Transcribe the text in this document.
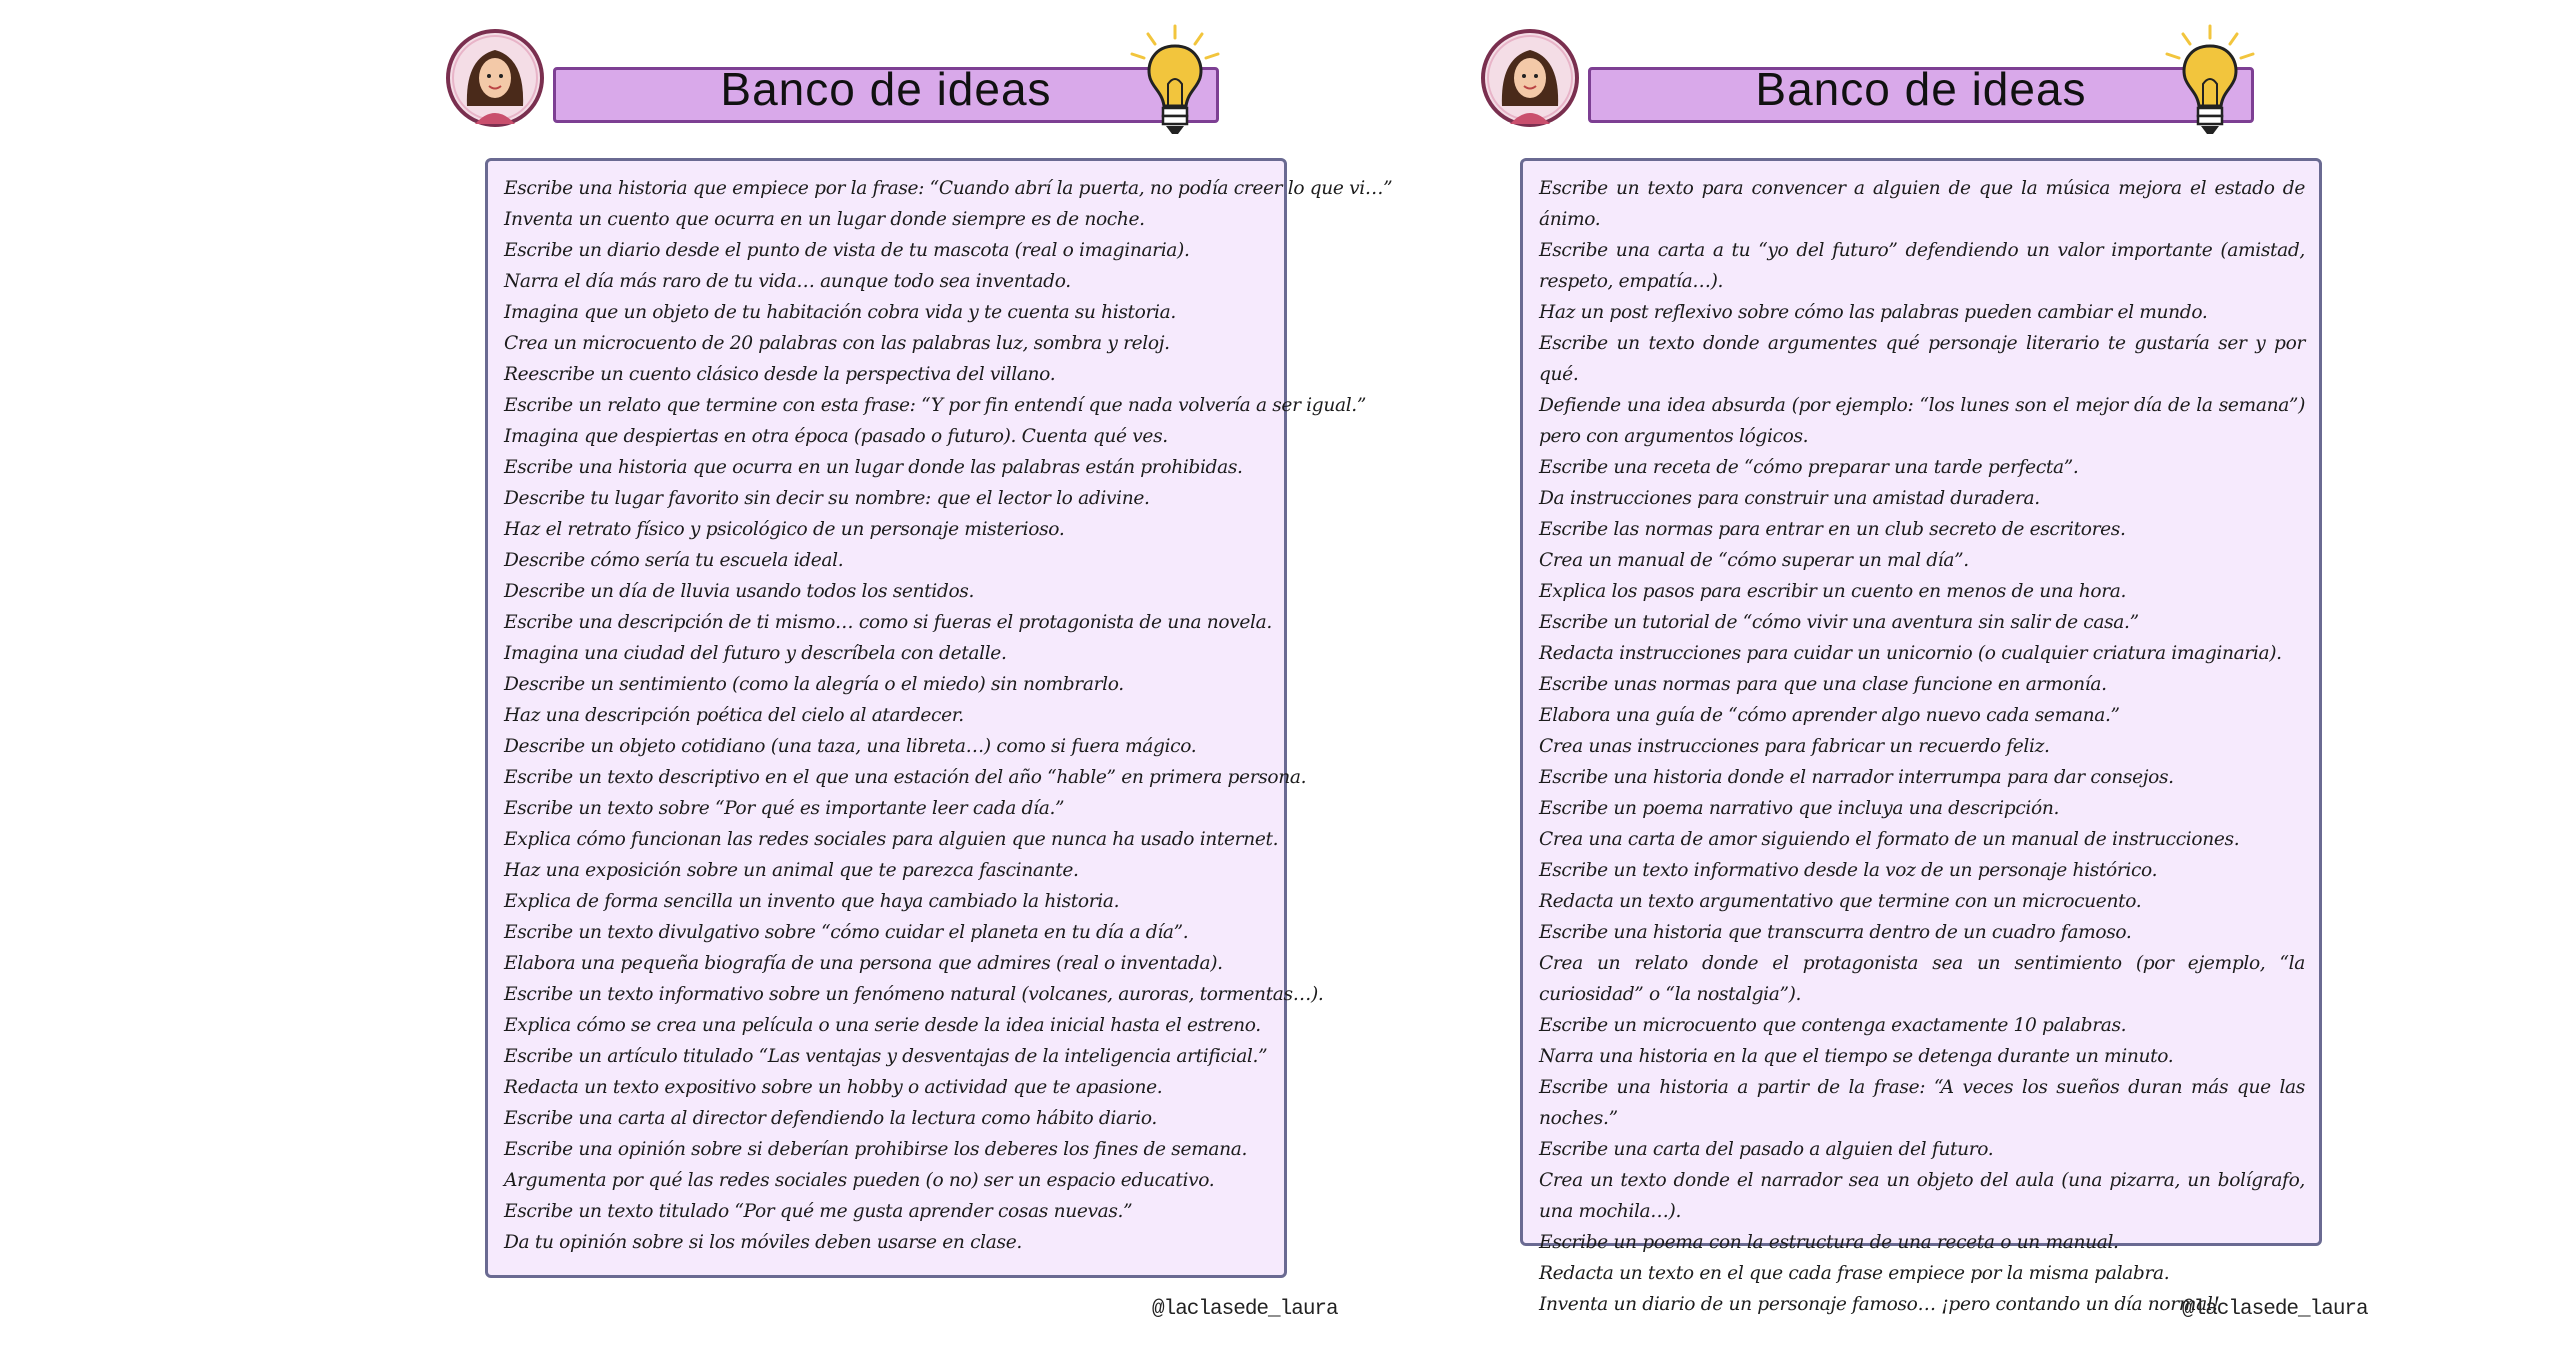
Banco de ideas
Escribe una historia que empiece por la frase: “Cuando abrí la puerta, no podía creer lo que vi…”
Inventa un cuento que ocurra en un lugar donde siempre es de noche.
Escribe un diario desde el punto de vista de tu mascota (real o imaginaria).
Narra el día más raro de tu vida… aunque todo sea inventado.
Imagina que un objeto de tu habitación cobra vida y te cuenta su historia.
Crea un microcuento de 20 palabras con las palabras luz, sombra y reloj.
Reescribe un cuento clásico desde la perspectiva del villano.
Escribe un relato que termine con esta frase: “Y por fin entendí que nada volvería a ser igual.”
Imagina que despiertas en otra época (pasado o futuro). Cuenta qué ves.
Escribe una historia que ocurra en un lugar donde las palabras están prohibidas.
Describe tu lugar favorito sin decir su nombre: que el lector lo adivine.
Haz el retrato físico y psicológico de un personaje misterioso.
Describe cómo sería tu escuela ideal.
Describe un día de lluvia usando todos los sentidos.
Escribe una descripción de ti mismo… como si fueras el protagonista de una novela.
Imagina una ciudad del futuro y descríbela con detalle.
Describe un sentimiento (como la alegría o el miedo) sin nombrarlo.
Haz una descripción poética del cielo al atardecer.
Describe un objeto cotidiano (una taza, una libreta…) como si fuera mágico.
Escribe un texto descriptivo en el que una estación del año “hable” en primera persona.
Escribe un texto sobre “Por qué es importante leer cada día.”
Explica cómo funcionan las redes sociales para alguien que nunca ha usado internet.
Haz una exposición sobre un animal que te parezca fascinante.
Explica de forma sencilla un invento que haya cambiado la historia.
Escribe un texto divulgativo sobre “cómo cuidar el planeta en tu día a día”.
Elabora una pequeña biografía de una persona que admires (real o inventada).
Escribe un texto informativo sobre un fenómeno natural (volcanes, auroras, tormentas…).
Explica cómo se crea una película o una serie desde la idea inicial hasta el estreno.
Escribe un artículo titulado “Las ventajas y desventajas de la inteligencia artificial.”
Redacta un texto expositivo sobre un hobby o actividad que te apasione.
Escribe una carta al director defendiendo la lectura como hábito diario.
Escribe una opinión sobre si deberían prohibirse los deberes los fines de semana.
Argumenta por qué las redes sociales pueden (o no) ser un espacio educativo.
Escribe un texto titulado “Por qué me gusta aprender cosas nuevas.”
Da tu opinión sobre si los móviles deben usarse en clase.
@laclasede_laura
Banco de ideas
Escribe un texto para convencer a alguien de que la música mejora el estado de ánimo.
Escribe una carta a tu “yo del futuro” defendiendo un valor importante (amistad, respeto, empatía…).
Haz un post reflexivo sobre cómo las palabras pueden cambiar el mundo.
Escribe un texto donde argumentes qué personaje literario te gustaría ser y por qué.
Defiende una idea absurda (por ejemplo: “los lunes son el mejor día de la semana”) pero con argumentos lógicos.
Escribe una receta de “cómo preparar una tarde perfecta”.
Da instrucciones para construir una amistad duradera.
Escribe las normas para entrar en un club secreto de escritores.
Crea un manual de “cómo superar un mal día”.
Explica los pasos para escribir un cuento en menos de una hora.
Escribe un tutorial de “cómo vivir una aventura sin salir de casa.”
Redacta instrucciones para cuidar un unicornio (o cualquier criatura imaginaria).
Escribe unas normas para que una clase funcione en armonía.
Elabora una guía de “cómo aprender algo nuevo cada semana.”
Crea unas instrucciones para fabricar un recuerdo feliz.
Escribe una historia donde el narrador interrumpa para dar consejos.
Escribe un poema narrativo que incluya una descripción.
Crea una carta de amor siguiendo el formato de un manual de instrucciones.
Escribe un texto informativo desde la voz de un personaje histórico.
Redacta un texto argumentativo que termine con un microcuento.
Escribe una historia que transcurra dentro de un cuadro famoso.
Crea un relato donde el protagonista sea un sentimiento (por ejemplo, “la curiosidad” o “la nostalgia”).
Escribe un microcuento que contenga exactamente 10 palabras.
Narra una historia en la que el tiempo se detenga durante un minuto.
Escribe una historia a partir de la frase: “A veces los sueños duran más que las noches.”
Escribe una carta del pasado a alguien del futuro.
Crea un texto donde el narrador sea un objeto del aula (una pizarra, un bolígrafo, una mochila…).
Escribe un poema con la estructura de una receta o un manual.
Redacta un texto en el que cada frase empiece por la misma palabra.
Inventa un diario de un personaje famoso… ¡pero contando un día normal!
@laclasede_laura
